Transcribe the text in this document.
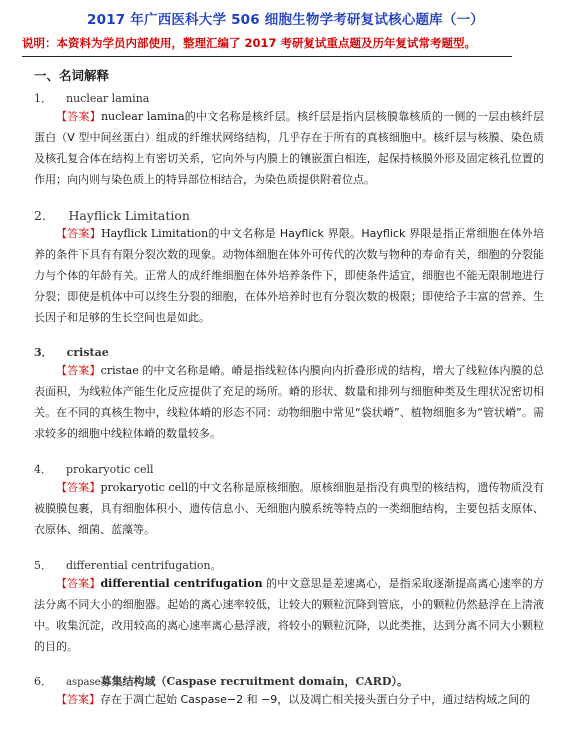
2017 年广西医科大学 506 细胞生物学考研复试核心题库（一）
说明：本资料为学员内部使用，整理汇编了 2017 考研复试重点题及历年复试常考题型。
一、名词解释
1． nuclear lamina
【答案】nuclear lamina的中文名称是核纤层。核纤层是指内层核膜靠核质的一侧的一层由核纤层蛋白（V 型中间丝蛋白）组成的纤维状网络结构，几乎存在于所有的真核细胞中。核纤层与核膜、染色质及核孔复合体在结构上有密切关系，它向外与内膜上的镶嵌蛋白相连，起保持核膜外形及固定核孔位置的作用；向内则与染色质上的特异部位相结合，为染色质提供附着位点。
2． Hayflick Limitation
【答案】Hayflick Limitation的中文名称是 Hayflick 界限。Hayflick 界限是指正常细胞在体外培养的条件下具有有限分裂次数的现象。动物体细胞在体外可传代的次数与物种的寿命有关，细胞的分裂能力与个体的年龄有关。正常人的成纤维细胞在体外培养条件下，即使条件适宜，细胞也不能无限制地进行分裂；即使是机体中可以终生分裂的细胞，在体外培养时也有分裂次数的极限；即使给予丰富的营养、生长因子和足够的生长空间也是如此。
3． cristae
【答案】cristae 的中文名称是嵴。嵴是指线粒体内膜向内折叠形成的结构，增大了线粒体内膜的总表面积，为线粒体产能生化反应提供了充足的场所。嵴的形状、数量和排列与细胞种类及生理状况密切相关。在不同的真核生物中，线粒体嵴的形态不同：动物细胞中常见“袋状嵴”、植物细胞多为“管状嵴”。需求较多的细胞中线粒体嵴的数量较多。
4． prokaryotic cell
【答案】prokaryotic cell的中文名称是原核细胞。原核细胞是指没有典型的核结构，遗传物质没有被膜膜包裹，具有细胞体积小、遗传信息小、无细胞内膜系统等特点的一类细胞结构，主要包括支原体、衣原体、细菌、蓝藻等。
5． differential centrifugation。
【答案】differential centrifugation 的中文意思是差速离心，是指采取逐渐提高离心速率的方法分离不同大小的细胞器。起始的离心速率较低，让较大的颗粒沉降到管底，小的颗粒仍然悬浮在上清液中。收集沉淀，改用较高的离心速率离心悬浮液，将较小的颗粒沉降，以此类推，达到分离不同大小颗粒的目的。
6． aspase募集结构域（Caspase recruitment domain，CARD）。
【答案】存在于凋亡起始 Caspase−2 和 −9，以及凋亡相关接头蛋白分子中，通过结构域之间的
